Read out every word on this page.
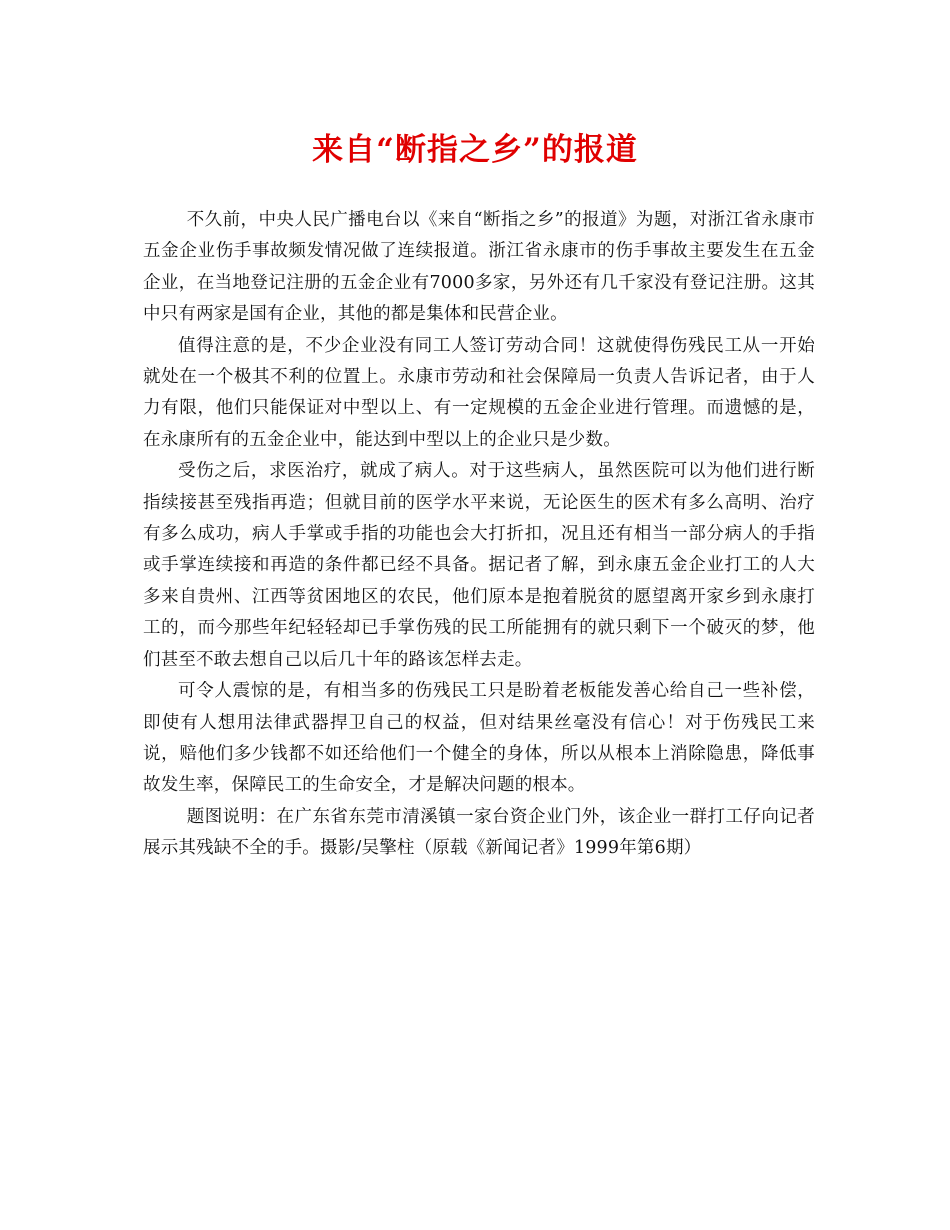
来自“断指之乡”的报道

不久前，中央人民广播电台以《来自“断指之乡”的报道》为题，对浙江省永康市五金企业伤手事故频发情况做了连续报道。浙江省永康市的伤手事故主要发生在五金企业，在当地登记注册的五金企业有7000多家，另外还有几千家没有登记注册。这其中只有两家是国有企业，其他的都是集体和民营企业。

值得注意的是，不少企业没有同工人签订劳动合同！这就使得伤残民工从一开始就处在一个极其不利的位置上。永康市劳动和社会保障局一负责人告诉记者，由于人力有限，他们只能保证对中型以上、有一定规模的五金企业进行管理。而遗憾的是，在永康所有的五金企业中，能达到中型以上的企业只是少数。

受伤之后，求医治疗，就成了病人。对于这些病人，虽然医院可以为他们进行断指续接甚至残指再造；但就目前的医学水平来说，无论医生的医术有多么高明、治疗有多么成功，病人手掌或手指的功能也会大打折扣，况且还有相当一部分病人的手指或手掌连续接和再造的条件都已经不具备。据记者了解，到永康五金企业打工的人大多来自贵州、江西等贫困地区的农民，他们原本是抱着脱贫的愿望离开家乡到永康打工的，而今那些年纪轻轻却已手掌伤残的民工所能拥有的就只剩下一个破灭的梦，他们甚至不敢去想自己以后几十年的路该怎样去走。

可令人震惊的是，有相当多的伤残民工只是盼着老板能发善心给自己一些补偿，即使有人想用法律武器捍卫自己的权益，但对结果丝毫没有信心！对于伤残民工来说，赔他们多少钱都不如还给他们一个健全的身体，所以从根本上消除隐患，降低事故发生率，保障民工的生命安全，才是解决问题的根本。

题图说明：在广东省东莞市清溪镇一家台资企业门外，该企业一群打工仔向记者展示其残缺不全的手。摄影/吴擎柱（原载《新闻记者》1999年第6期）
